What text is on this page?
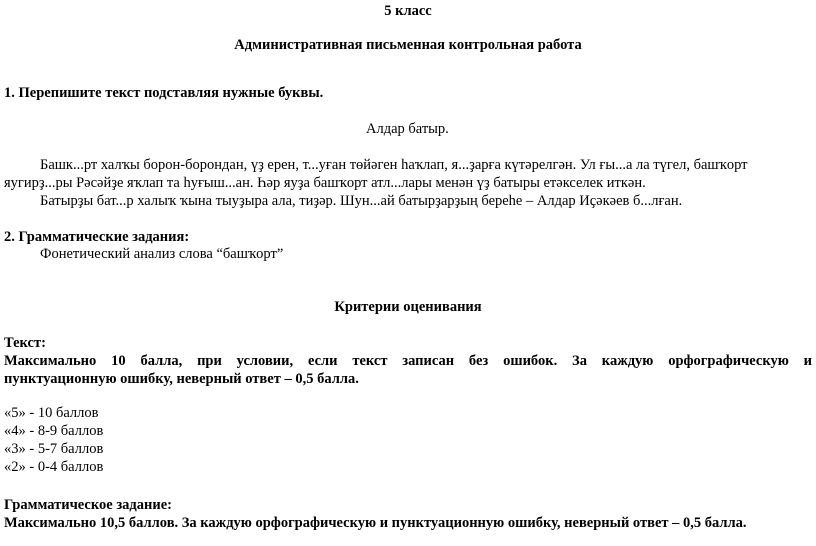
5 класс
Административная письменная контрольная работа
1. Перепишите текст подставляя нужные буквы.
Алдар батыр.
Башк...рт халҡы борон-борондан, үҙ ерен, т...уған төйәген һаҡлап, я...ҙарға күтәрелгән. Ул ғы...а ла түгел, башҡорт
яугирҙ...ры Рәсәйҙе яҡлап та һуғыш...ан. Һәр яуҙа башҡорт атл...лары менән үҙ батыры етәкселек иткән.
Батырҙы бат...р халыҡ ҡына тыуҙыра ала, тиҙәр. Шун...ай батырҙарҙың береһе – Алдар Иҫәкәев б...лған.
2. Грамматические задания:
Фонетический анализ слова “башҡорт”
Критерии оценивания
Текст:
Максимально 10 балла, при условии, если текст записан без ошибок. За каждую орфографическую и
пунктуационную ошибку, неверный ответ – 0,5 балла.
«5» - 10 баллов
«4» - 8-9 баллов
«3» - 5-7 баллов
«2» - 0-4 баллов
Грамматическое задание:
Максимально 10,5 баллов. За каждую орфографическую и пунктуационную ошибку, неверный ответ – 0,5 балла.
